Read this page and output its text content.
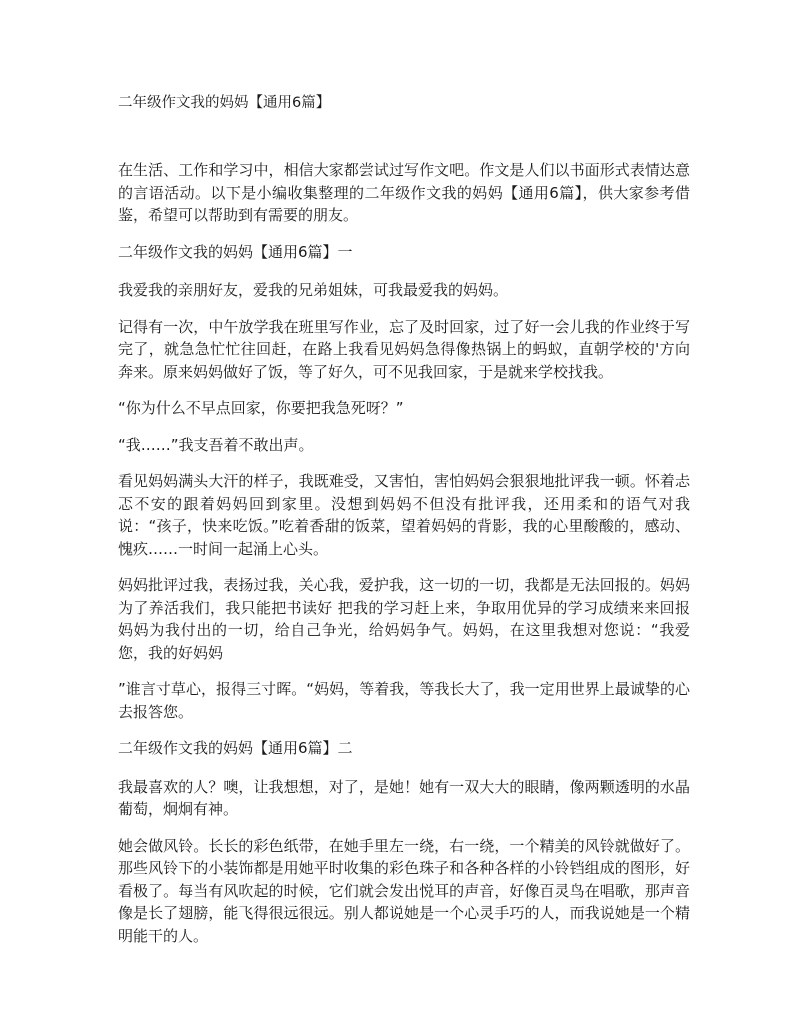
二年级作文我的妈妈【通用6篇】

在生活、工作和学习中，相信大家都尝试过写作文吧。作文是人们以书面形式表情达意的言语活动。以下是小编收集整理的二年级作文我的妈妈【通用6篇】，供大家参考借鉴，希望可以帮助到有需要的朋友。

二年级作文我的妈妈【通用6篇】一

我爱我的亲朋好友，爱我的兄弟姐妹，可我最爱我的妈妈。

记得有一次，中午放学我在班里写作业，忘了及时回家，过了好一会儿我的作业终于写完了，就急急忙忙往回赶，在路上我看见妈妈急得像热锅上的蚂蚁，直朝学校的'方向奔来。原来妈妈做好了饭，等了好久，可不见我回家，于是就来学校找我。

“你为什么不早点回家，你要把我急死呀？”

“我……”我支吾着不敢出声。

看见妈妈满头大汗的样子，我既难受，又害怕，害怕妈妈会狠狠地批评我一顿。怀着忐忑不安的跟着妈妈回到家里。没想到妈妈不但没有批评我，还用柔和的语气对我说：“孩子，快来吃饭。”吃着香甜的饭菜，望着妈妈的背影，我的心里酸酸的，感动、愧疚……一时间一起涌上心头。

妈妈批评过我，表扬过我，关心我，爱护我，这一切的一切，我都是无法回报的。妈妈为了养活我们，我只能把书读好 把我的学习赶上来，争取用优异的学习成绩来来回报妈妈为我付出的一切，给自己争光，给妈妈争气。妈妈，在这里我想对您说：“我爱您，我的好妈妈

”谁言寸草心，报得三寸晖。“妈妈，等着我，等我长大了，我一定用世界上最诚挚的心去报答您。

二年级作文我的妈妈【通用6篇】二

我最喜欢的人？噢，让我想想，对了，是她！她有一双大大的眼睛，像两颗透明的水晶葡萄，炯炯有神。

她会做风铃。长长的彩色纸带，在她手里左一绕，右一绕，一个精美的风铃就做好了。那些风铃下的小装饰都是用她平时收集的彩色珠子和各种各样的小铃铛组成的图形，好看极了。每当有风吹起的时候，它们就会发出悦耳的声音，好像百灵鸟在唱歌，那声音像是长了翅膀，能飞得很远很远。别人都说她是一个心灵手巧的人，而我说她是一个精明能干的人。
